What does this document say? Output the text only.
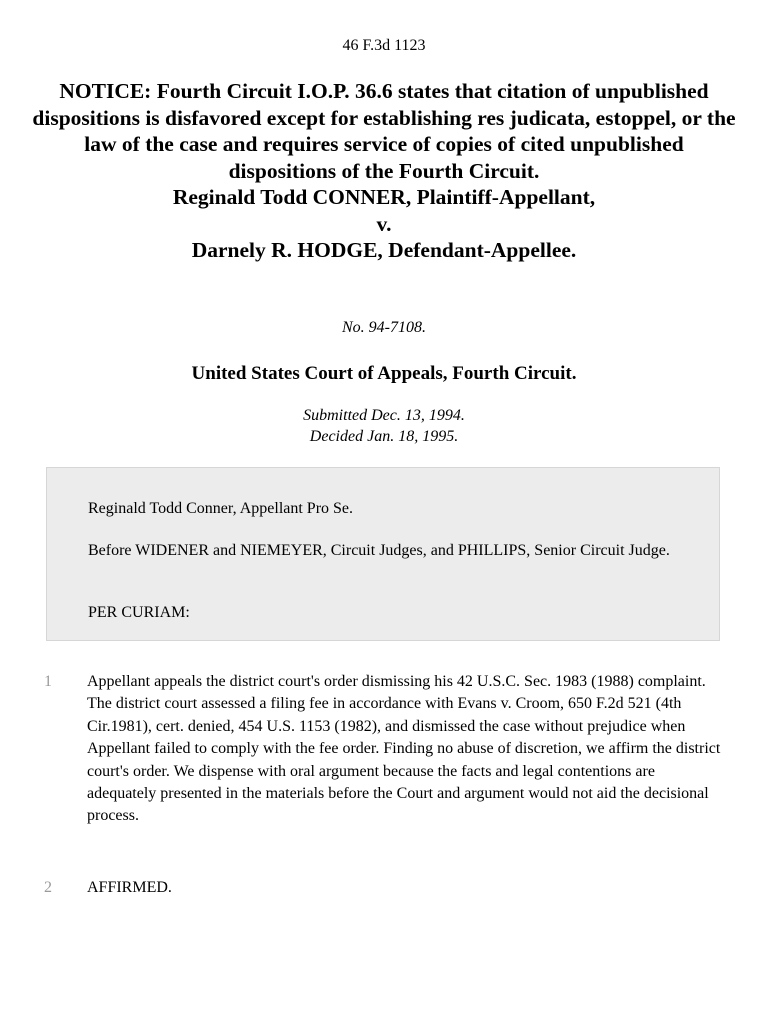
46 F.3d 1123
NOTICE: Fourth Circuit I.O.P. 36.6 states that citation of unpublished dispositions is disfavored except for establishing res judicata, estoppel, or the law of the case and requires service of copies of cited unpublished dispositions of the Fourth Circuit.
Reginald Todd CONNER, Plaintiff-Appellant,
v.
Darnely R. HODGE, Defendant-Appellee.
No. 94-7108.
United States Court of Appeals, Fourth Circuit.
Submitted Dec. 13, 1994.
Decided Jan. 18, 1995.

Reginald Todd Conner, Appellant Pro Se.

Before WIDENER and NIEMEYER, Circuit Judges, and PHILLIPS, Senior Circuit Judge.

PER CURIAM:

1	Appellant appeals the district court's order dismissing his 42 U.S.C. Sec. 1983 (1988) complaint. The district court assessed a filing fee in accordance with Evans v. Croom, 650 F.2d 521 (4th Cir.1981), cert. denied, 454 U.S. 1153 (1982), and dismissed the case without prejudice when Appellant failed to comply with the fee order. Finding no abuse of discretion, we affirm the district court's order. We dispense with oral argument because the facts and legal contentions are adequately presented in the materials before the Court and argument would not aid the decisional process.

2	AFFIRMED.
